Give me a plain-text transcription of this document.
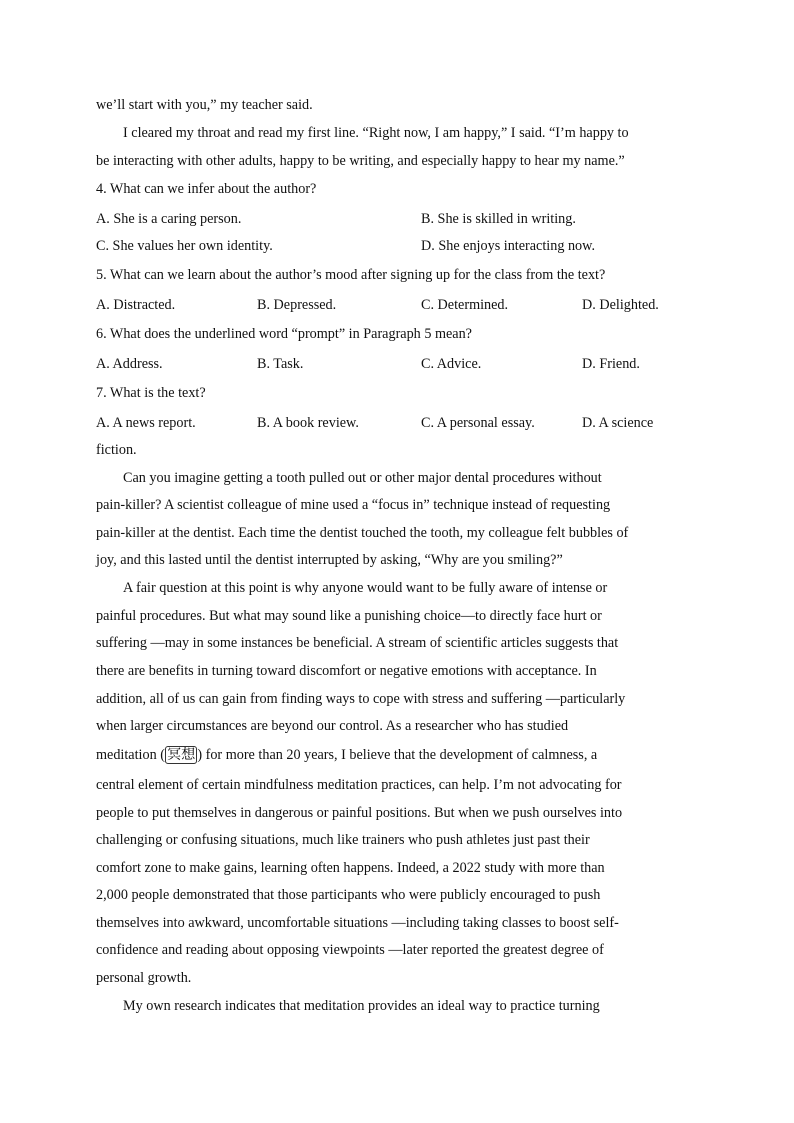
we’ll start with you,” my teacher said.
I cleared my throat and read my first line. “Right now, I am happy,” I said. “I’m happy to
be interacting with other adults, happy to be writing, and especially happy to hear my name.”
4. What can we infer about the author?
A. She is a caring person.	B. She is skilled in writing.
C. She values her own identity.	D. She enjoys interacting now.
5. What can we learn about the author’s mood after signing up for the class from the text?
A. Distracted.	B. Depressed.	C. Determined.	D. Delighted.
6. What does the underlined word “prompt” in Paragraph 5 mean?
A. Address.	B. Task.	C. Advice.	D. Friend.
7. What is the text?
A. A news report.	B. A book review.	C. A personal essay.	D. A science
fiction.
Can you imagine getting a tooth pulled out or other major dental procedures without
pain-killer? A scientist colleague of mine used a “focus in” technique instead of requesting
pain-killer at the dentist. Each time the dentist touched the tooth, my colleague felt bubbles of
joy, and this lasted until the dentist interrupted by asking, “Why are you smiling?”
A fair question at this point is why anyone would want to be fully aware of intense or
painful procedures. But what may sound like a punishing choice—to directly face hurt or
suffering —may in some instances be beneficial. A stream of scientific articles suggests that
there are benefits in turning toward discomfort or negative emotions with acceptance. In
addition, all of us can gain from finding ways to cope with stress and suffering —particularly
when larger circumstances are beyond our control. As a researcher who has studied
meditation ( 冥想 ) for more than 20 years, I believe that the development of calmness, a
central element of certain mindfulness meditation practices, can help. I’m not advocating for
people to put themselves in dangerous or painful positions. But when we push ourselves into
challenging or confusing situations, much like trainers who push athletes just past their
comfort zone to make gains, learning often happens. Indeed, a 2022 study with more than
2,000 people demonstrated that those participants who were publicly encouraged to push
themselves into awkward, uncomfortable situations —including taking classes to boost self-
confidence and reading about opposing viewpoints —later reported the greatest degree of
personal growth.
My own research indicates that meditation provides an ideal way to practice turning
